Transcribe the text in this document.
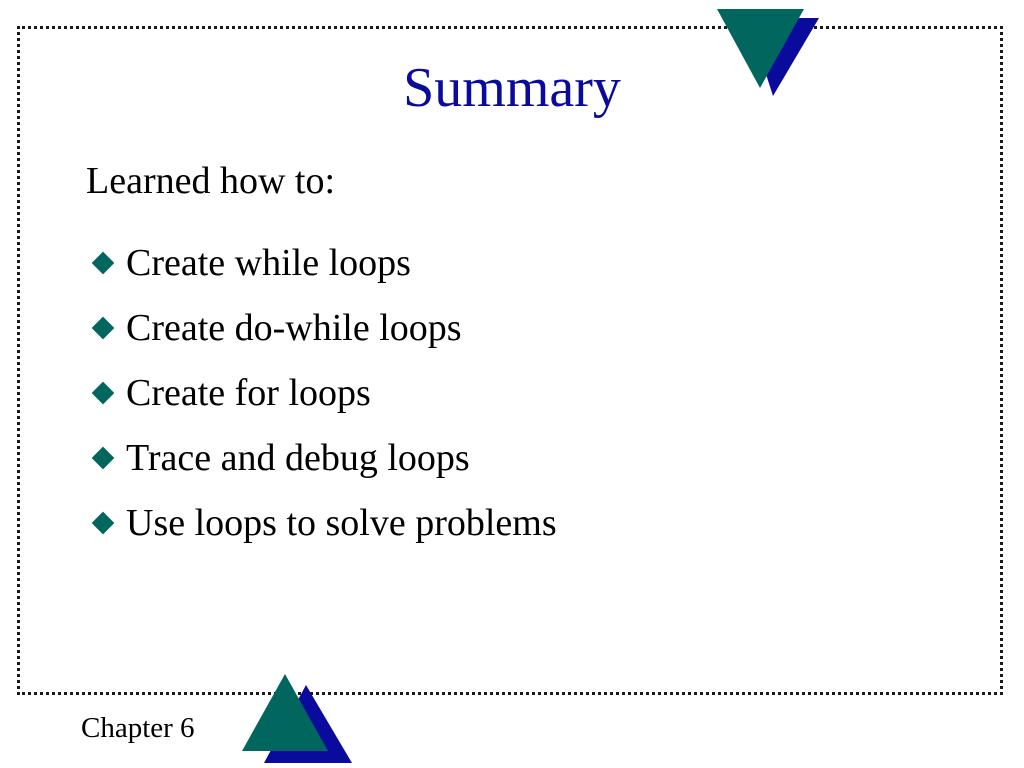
Summary
Learned how to:
Create while loops
Create do-while loops
Create for loops
Trace and debug loops
Use loops to solve problems
Chapter 6
